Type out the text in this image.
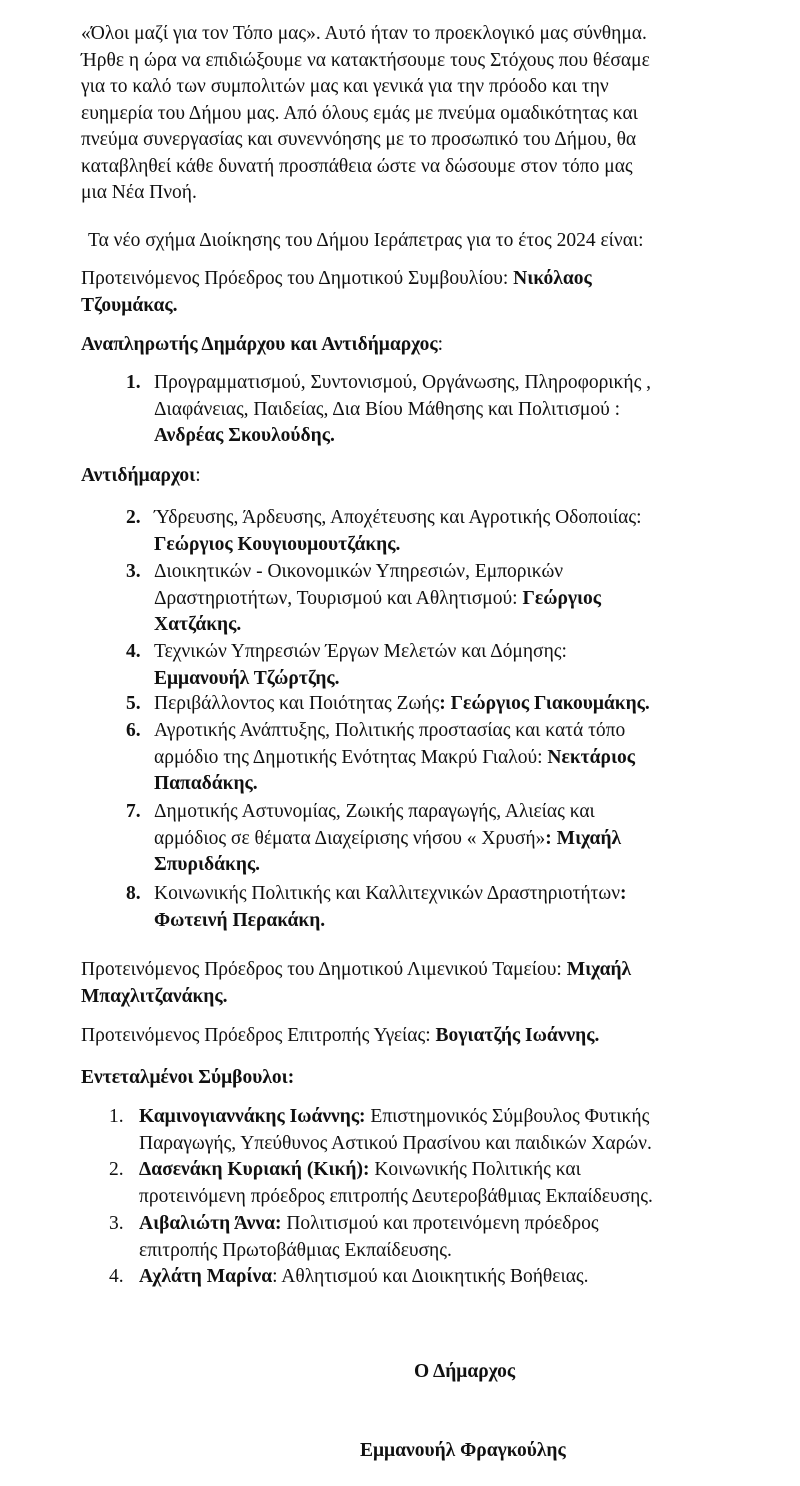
«Όλοι μαζί για τον Τόπο μας». Αυτό ήταν το προεκλογικό μας σύνθημα.
Ήρθε η ώρα να επιδιώξουμε να κατακτήσουμε τους Στόχους που θέσαμε
για το καλό των συμπολιτών μας και γενικά για την πρόοδο και την
ευημερία του Δήμου μας. Από όλους εμάς με πνεύμα ομαδικότητας και
πνεύμα συνεργασίας και συνεννόησης με το προσωπικό του Δήμου, θα
καταβληθεί κάθε δυνατή προσπάθεια ώστε να δώσουμε στον τόπο μας
μια Νέα Πνοή.
Τα νέο σχήμα Διοίκησης του Δήμου Ιεράπετρας για το έτος 2024 είναι:
Προτεινόμενος Πρόεδρος του Δημοτικού Συμβουλίου: Νικόλαος
Τζουμάκας.
Αναπληρωτής Δημάρχου και Αντιδήμαρχος:
1. Προγραμματισμού, Συντονισμού, Οργάνωσης, Πληροφορικής ,
Διαφάνειας, Παιδείας, Δια Βίου Μάθησης και Πολιτισμού :
Ανδρέας Σκουλούδης.
Αντιδήμαρχοι:
2. Ύδρευσης, Άρδευσης, Αποχέτευσης και Αγροτικής Οδοποιίας:
Γεώργιος Κουγιουμουτζάκης.
3. Διοικητικών - Οικονομικών Υπηρεσιών, Εμπορικών
Δραστηριοτήτων, Τουρισμού και Αθλητισμού: Γεώργιος
Χατζάκης.
4. Τεχνικών Υπηρεσιών Έργων Μελετών και Δόμησης:
Εμμανουήλ Τζώρτζης.
5. Περιβάλλοντος και Ποιότητας Ζωής: Γεώργιος Γιακουμάκης.
6. Αγροτικής Ανάπτυξης, Πολιτικής προστασίας και κατά τόπο
αρμόδιο της Δημοτικής Ενότητας Μακρύ Γιαλού: Νεκτάριος
Παπαδάκης.
7. Δημοτικής Αστυνομίας, Ζωικής παραγωγής, Αλιείας και
αρμόδιος σε θέματα Διαχείρισης νήσου « Χρυσή»: Μιχαήλ
Σπυριδάκης.
8. Κοινωνικής Πολιτικής και Καλλιτεχνικών Δραστηριοτήτων:
Φωτεινή Περακάκη.
Προτεινόμενος Πρόεδρος του Δημοτικού Λιμενικού Ταμείου: Μιχαήλ
Μπαχλιτζανάκης.
Προτεινόμενος Πρόεδρος Επιτροπής Υγείας: Βογιατζής Ιωάννης.
Εντεταλμένοι Σύμβουλοι:
1. Καμινογιαννάκης Ιωάννης: Επιστημονικός Σύμβουλος Φυτικής
Παραγωγής, Υπεύθυνος Αστικού Πρασίνου και παιδικών Χαρών.
2. Δασενάκη Κυριακή (Κική): Κοινωνικής Πολιτικής και
προτεινόμενη πρόεδρος επιτροπής Δευτεροβάθμιας Εκπαίδευσης.
3. Αιβαλιώτη Άννα: Πολιτισμού και προτεινόμενη πρόεδρος
επιτροπής Πρωτοβάθμιας Εκπαίδευσης.
4. Αχλάτη Μαρίνα: Αθλητισμού και Διοικητικής Βοήθειας.
Ο Δήμαρχος
Εμμανουήλ Φραγκούλης
